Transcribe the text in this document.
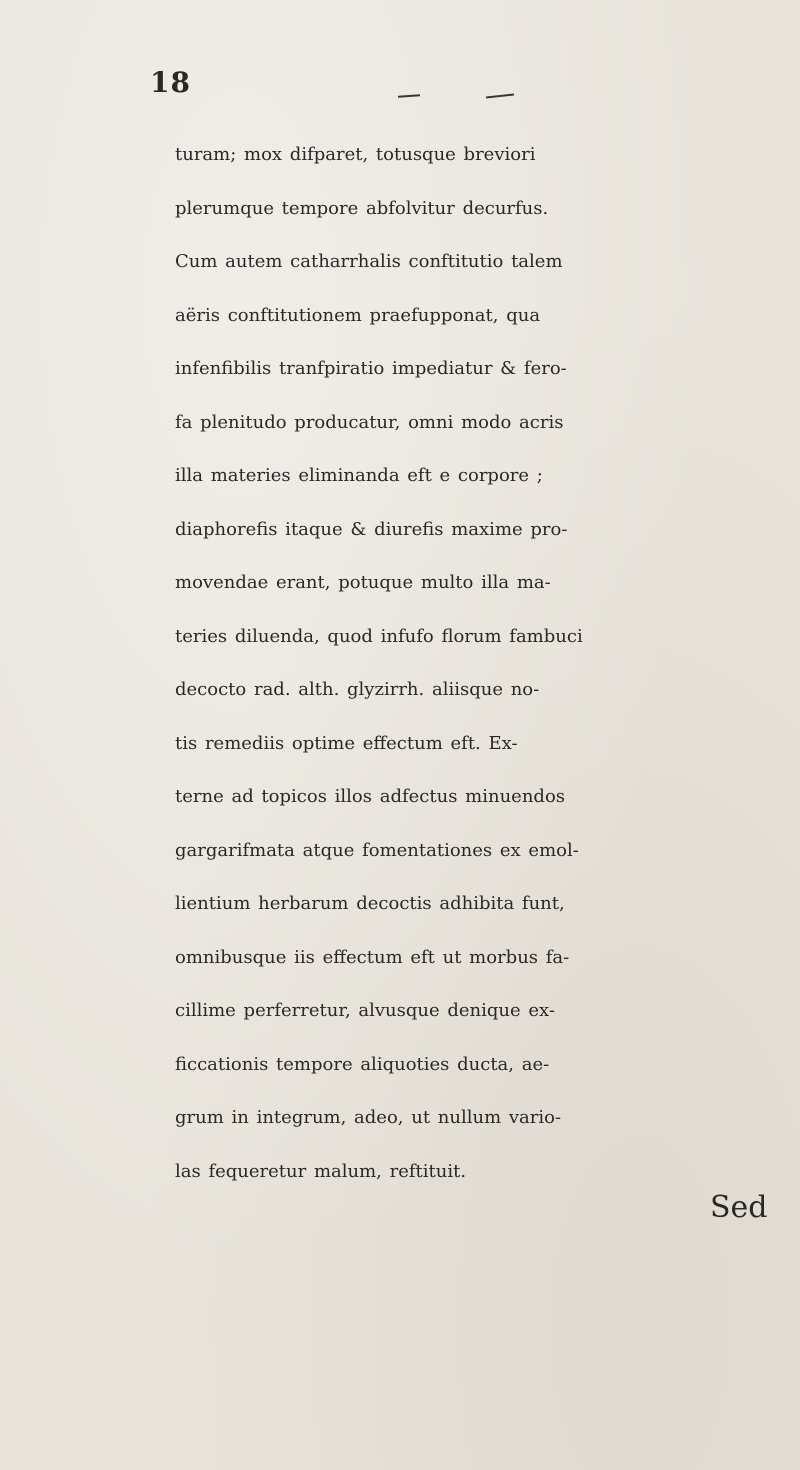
18
turam; mox difparet, totusque breviori
plerumque tempore abfolvitur decurfus.
Cum autem catharrhalis conftitutio talem
aëris conftitutionem praefupponat, qua
infenfibilis tranfpiratio impediatur & fero-
fa plenitudo producatur, omni modo acris
illa materies eliminanda eft e corpore ;
diaphorefis itaque & diurefis maxime pro-
movendae erant, potuque multo illa ma-
teries diluenda, quod infufo florum fambuci
decocto rad. alth. glyzirrh. aliisque no-
tis remediis optime effectum eft. Ex-
terne ad topicos illos adfectus minuendos
gargarifmata atque fomentationes ex emol-
lientium herbarum decoctis adhibita funt,
omnibusque iis effectum eft ut morbus fa-
cillime perferretur, alvusque denique ex-
ficcationis tempore aliquoties ducta, ae-
grum in integrum, adeo, ut nullum vario-
las fequeretur malum, reftituit.
Sed
